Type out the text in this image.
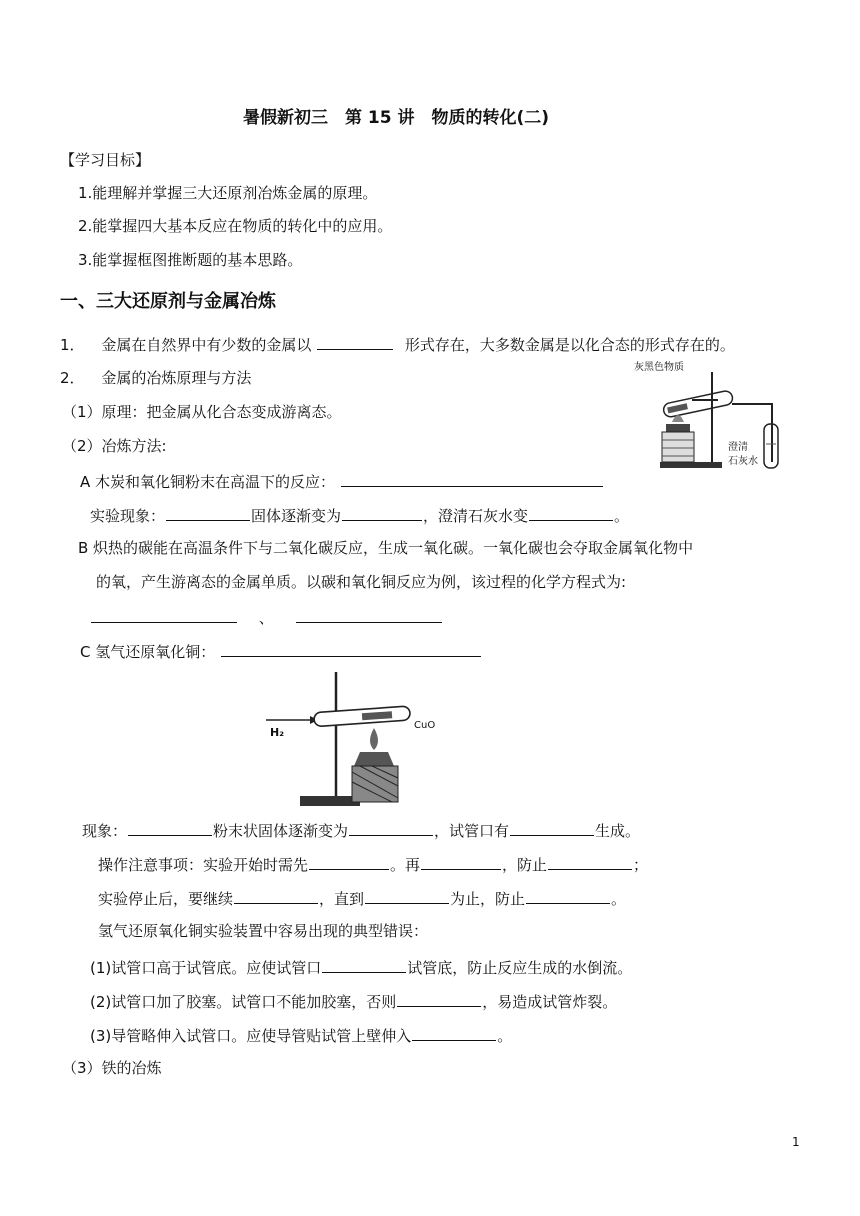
暑假新初三　第 15 讲　物质的转化(二)
【学习目标】
1.能理解并掌握三大还原剂冶炼金属的原理。
2.能掌握四大基本反应在物质的转化中的应用。
3.能掌握框图推断题的基本思路。
一、三大还原剂与金属冶炼
1． 金属在自然界中有少数的金属以	形式存在，大多数金属是以化合态的形式存在的。
2． 金属的冶炼原理与方法
（1）原理：把金属从化合态变成游离态。
（2）冶炼方法:
A 木炭和氧化铜粉末在高温下的反应：
实验现象：	固体逐渐变为	，澄清石灰水变	。
B 炽热的碳能在高温条件下与二氧化碳反应，生成一氧化碳。一氧化碳也会夺取金属氧化物中
的氧，产生游离态的金属单质。以碳和氧化铜反应为例，该过程的化学方程式为:
、
C 氢气还原氧化铜：
现象：	粉末状固体逐渐变为	，试管口有	生成。
操作注意事项：实验开始时需先	。再	，防止	；
实验停止后，要继续	，直到	为止，防止	。
氢气还原氧化铜实验装置中容易出现的典型错误：
(1)试管口高于试管底。应使试管口	试管底，防止反应生成的水倒流。
(2)试管口加了胶塞。试管口不能加胶塞，否则	，易造成试管炸裂。
(3)导管略伸入试管口。应使导管贴试管上壁伸入	。
（3）铁的冶炼
灰黑色物质
澄清
石灰水
H₂
CuO
1
